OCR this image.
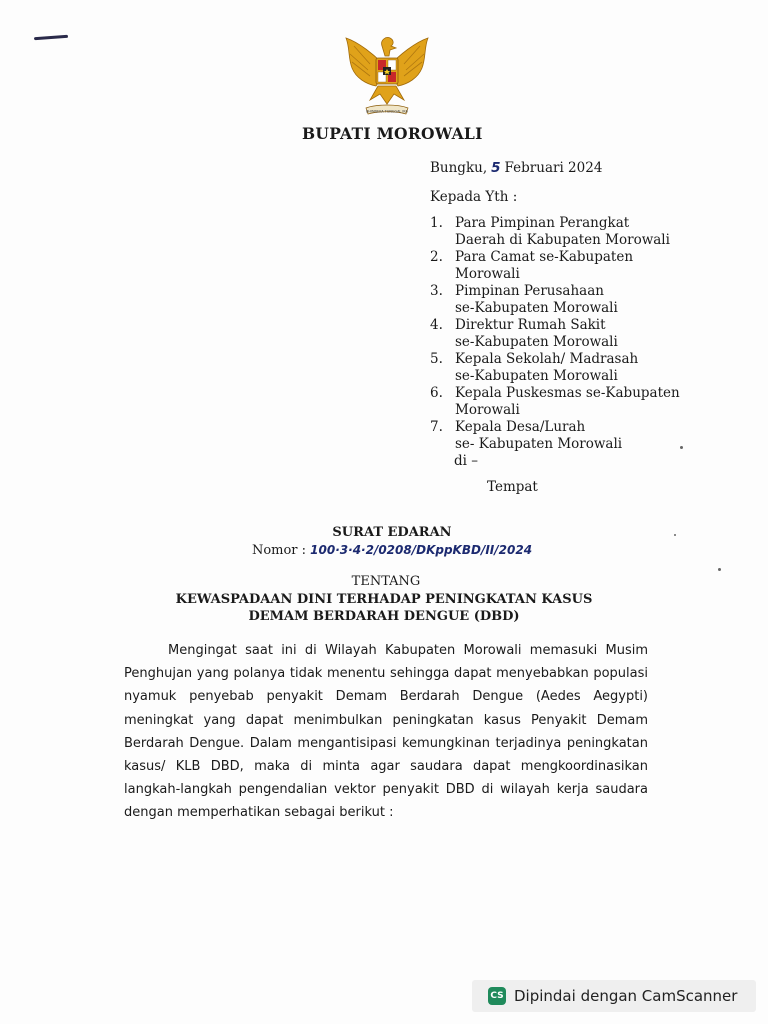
BHINNEKA TUNGGAL IKA
BUPATI MOROWALI
Bungku, 5 Februari 2024
Kepada Yth :
1. Para Pimpinan Perangkat
Daerah di Kabupaten Morowali
2. Para Camat se-Kabupaten
Morowali
3. Pimpinan Perusahaan
se-Kabupaten Morowali
4. Direktur Rumah Sakit
se-Kabupaten Morowali
5. Kepala Sekolah/ Madrasah
se-Kabupaten Morowali
6. Kepala Puskesmas se-Kabupaten
Morowali
7. Kepala Desa/Lurah
se- Kabupaten Morowali
di –
Tempat
SURAT EDARAN
Nomor : 100·3·4·2/0208/DKppKBD/II/2024
TENTANG
KEWASPADAAN DINI TERHADAP PENINGKATAN KASUS
DEMAM BERDARAH DENGUE (DBD)
Mengingat saat ini di Wilayah Kabupaten Morowali memasuki Musim Penghujan yang polanya tidak menentu sehingga dapat menyebabkan populasi nyamuk penyebab penyakit Demam Berdarah Dengue (Aedes Aegypti) meningkat yang dapat menimbulkan peningkatan kasus Penyakit Demam Berdarah Dengue. Dalam mengantisipasi kemungkinan terjadinya peningkatan kasus/ KLB DBD, maka di minta agar saudara dapat mengkoordinasikan langkah-langkah pengendalian vektor penyakit DBD di wilayah kerja saudara dengan memperhatikan sebagai berikut :
CS Dipindai dengan CamScanner
